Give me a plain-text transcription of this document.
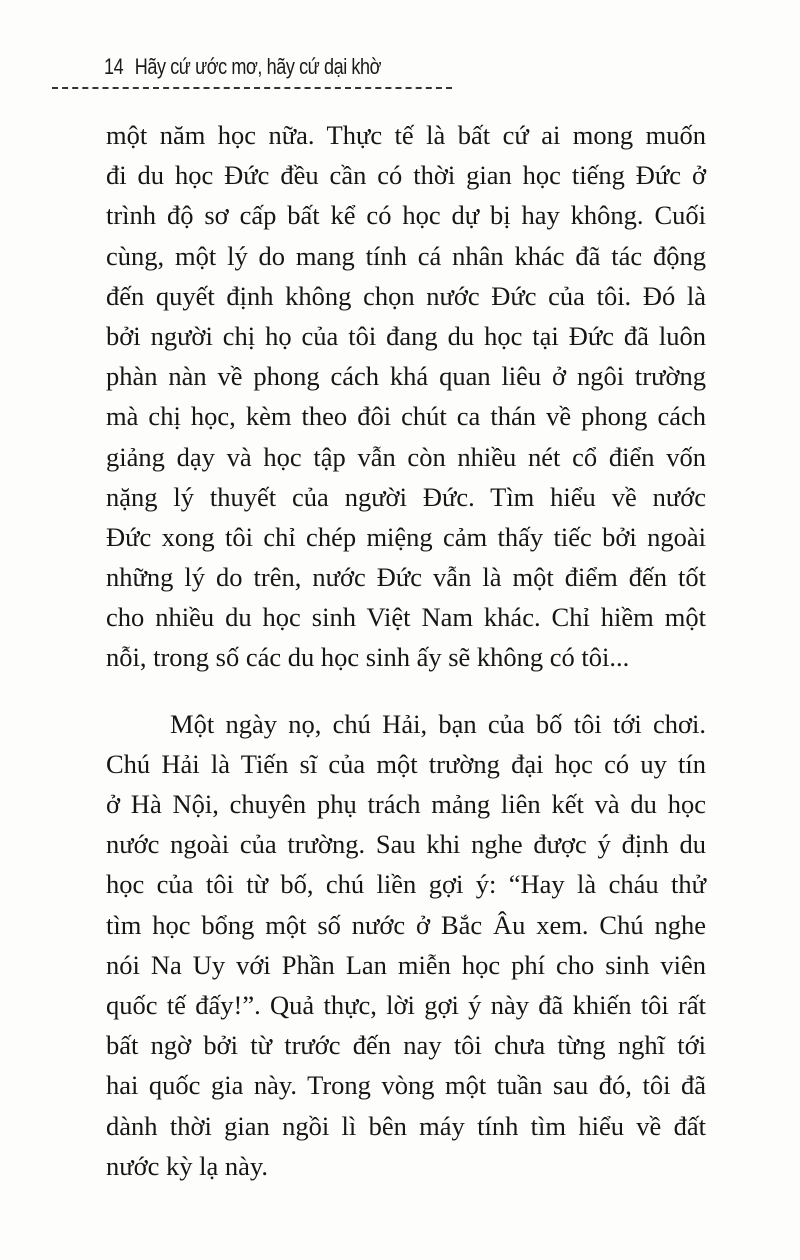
14 Hãy cứ ước mơ, hãy cứ dại khờ
một năm học nữa. Thực tế là bất cứ ai mong muốn
đi du học Đức đều cần có thời gian học tiếng Đức ở
trình độ sơ cấp bất kể có học dự bị hay không. Cuối
cùng, một lý do mang tính cá nhân khác đã tác động
đến quyết định không chọn nước Đức của tôi. Đó là
bởi người chị họ của tôi đang du học tại Đức đã luôn
phàn nàn về phong cách khá quan liêu ở ngôi trường
mà chị học, kèm theo đôi chút ca thán về phong cách
giảng dạy và học tập vẫn còn nhiều nét cổ điển vốn
nặng lý thuyết của người Đức. Tìm hiểu về nước
Đức xong tôi chỉ chép miệng cảm thấy tiếc bởi ngoài
những lý do trên, nước Đức vẫn là một điểm đến tốt
cho nhiều du học sinh Việt Nam khác. Chỉ hiềm một
nỗi, trong số các du học sinh ấy sẽ không có tôi...
Một ngày nọ, chú Hải, bạn của bố tôi tới chơi.
Chú Hải là Tiến sĩ của một trường đại học có uy tín
ở Hà Nội, chuyên phụ trách mảng liên kết và du học
nước ngoài của trường. Sau khi nghe được ý định du
học của tôi từ bố, chú liền gợi ý: “Hay là cháu thử
tìm học bổng một số nước ở Bắc Âu xem. Chú nghe
nói Na Uy với Phần Lan miễn học phí cho sinh viên
quốc tế đấy!”. Quả thực, lời gợi ý này đã khiến tôi rất
bất ngờ bởi từ trước đến nay tôi chưa từng nghĩ tới
hai quốc gia này. Trong vòng một tuần sau đó, tôi đã
dành thời gian ngồi lì bên máy tính tìm hiểu về đất
nước kỳ lạ này.
